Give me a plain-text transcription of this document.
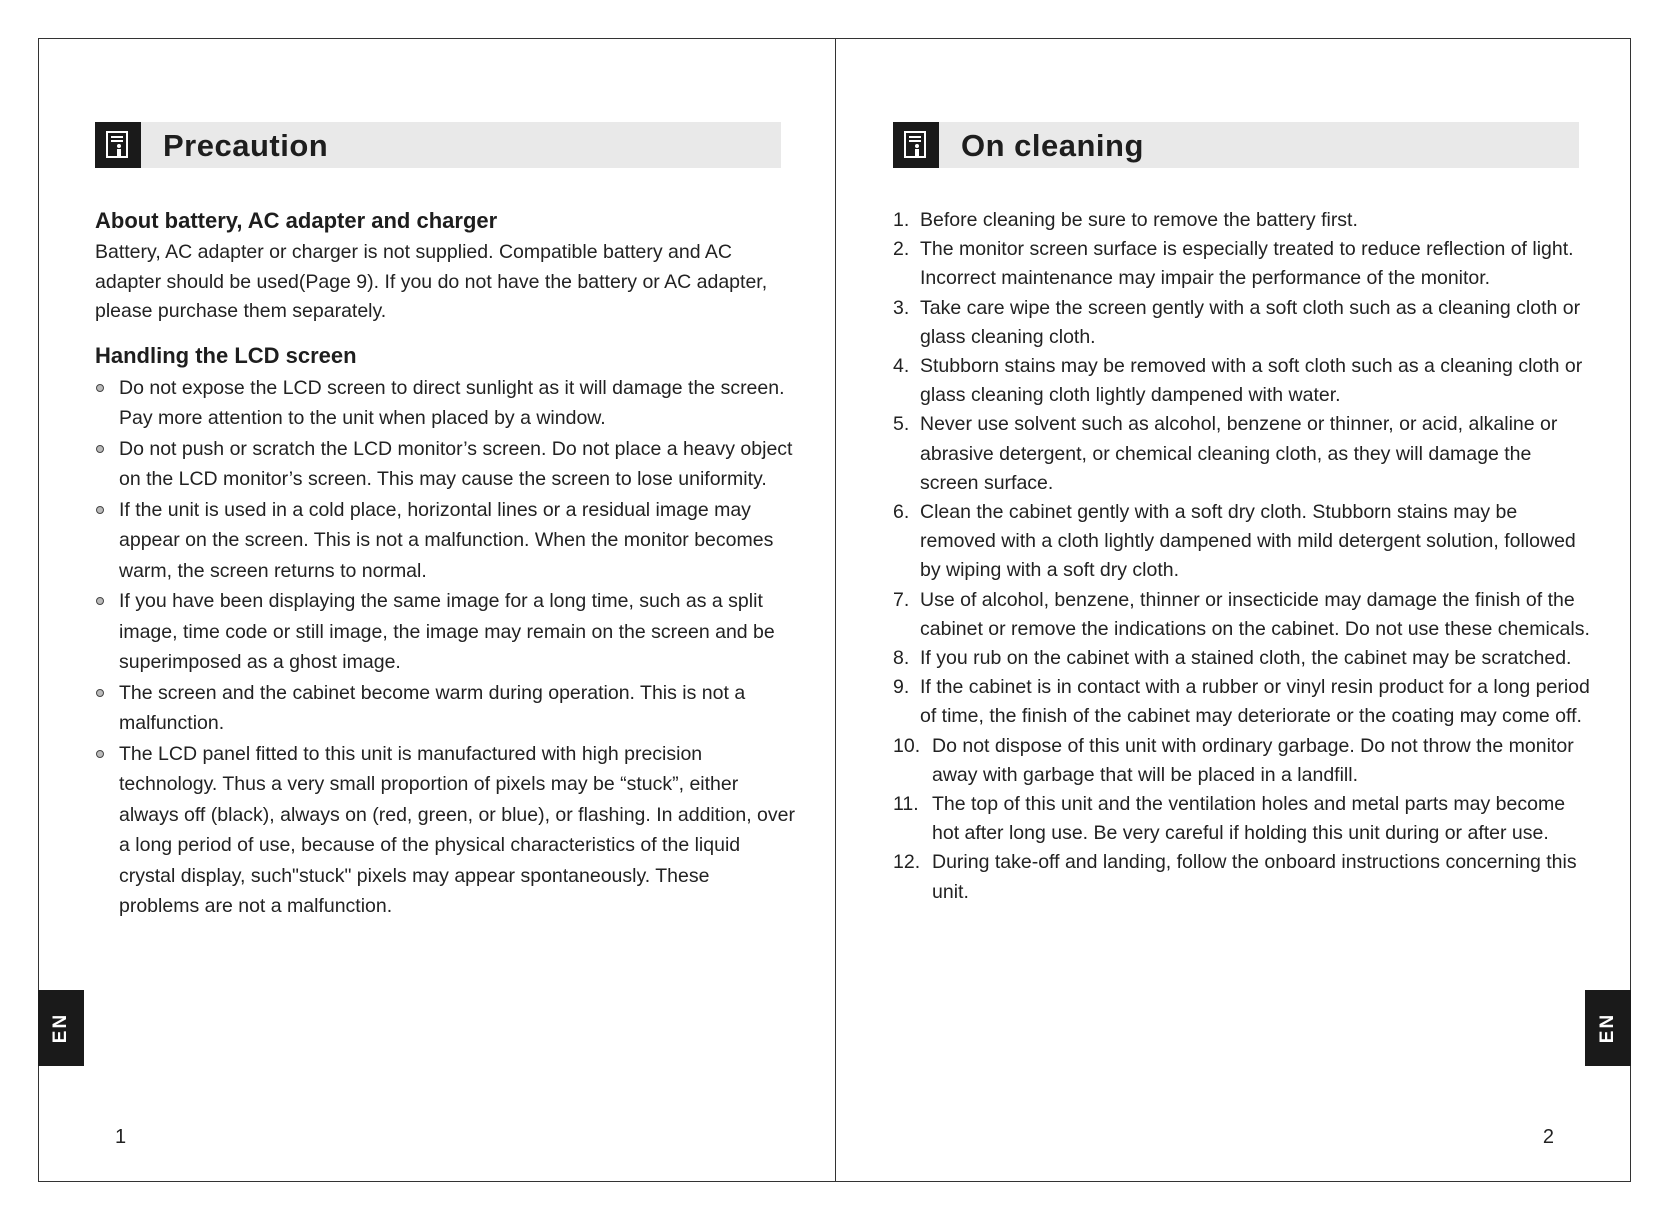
Precaution
About battery, AC adapter and charger

Battery, AC adapter or charger is not supplied. Compatible battery and AC adapter should be used(Page 9). If you do not have the battery or AC adapter, please purchase them separately.

Handling the LCD screen
Do not expose the LCD screen to direct sunlight as it will damage the screen. Pay more attention to the unit when placed by a window.
Do not push or scratch the LCD monitor’s screen. Do not place a heavy object on the LCD monitor’s screen. This may cause the screen to lose uniformity.
If the unit is used in a cold place, horizontal lines or a residual image may appear on the screen. This is not a malfunction. When the monitor becomes warm, the screen returns to normal.
If you have been displaying the same image for a long time, such as a split image, time code or still image, the image may remain on the screen and be superimposed as a ghost image.
The screen and the cabinet become warm during operation. This is not a malfunction.
The LCD panel fitted to this unit is manufactured with high precision technology. Thus a very small proportion of pixels may be “stuck”, either always off (black), always on (red, green, or blue), or flashing. In addition, over a long period of use, because of the physical characteristics of the liquid crystal display, such"stuck" pixels may appear spontaneously. These problems are not a malfunction.
EN
1
On cleaning
1. Before cleaning be sure to remove the battery first.
2. The monitor screen surface is especially treated to reduce reflection of light. Incorrect maintenance may impair the performance of the monitor.
3. Take care wipe the screen gently with a soft cloth such as a cleaning cloth or glass cleaning cloth.
4. Stubborn stains may be removed with a soft cloth such as a cleaning cloth or glass cleaning cloth lightly dampened with water.
5. Never use solvent such as alcohol, benzene or thinner, or acid, alkaline or abrasive detergent, or chemical cleaning cloth, as they will damage the screen surface.
6. Clean the cabinet gently with a soft dry cloth. Stubborn stains may be removed with a cloth lightly dampened with mild detergent solution, followed by wiping with a soft dry cloth.
7. Use of alcohol, benzene, thinner or insecticide may damage the finish of the cabinet or remove the indications on the cabinet. Do not use these chemicals.
8. If you rub on the cabinet with a stained cloth, the cabinet may be scratched.
9. If the cabinet is in contact with a rubber or vinyl resin product for a long period of time, the finish of the cabinet may deteriorate or the coating may come off.
10. Do not dispose of this unit with ordinary garbage. Do not throw the monitor away with garbage that will be placed in a landfill.
11. The top of this unit and the ventilation holes and metal parts may become hot after long use. Be very careful if holding this unit during or after use.
12. During take-off and landing, follow the onboard instructions concerning this unit.
EN
2
